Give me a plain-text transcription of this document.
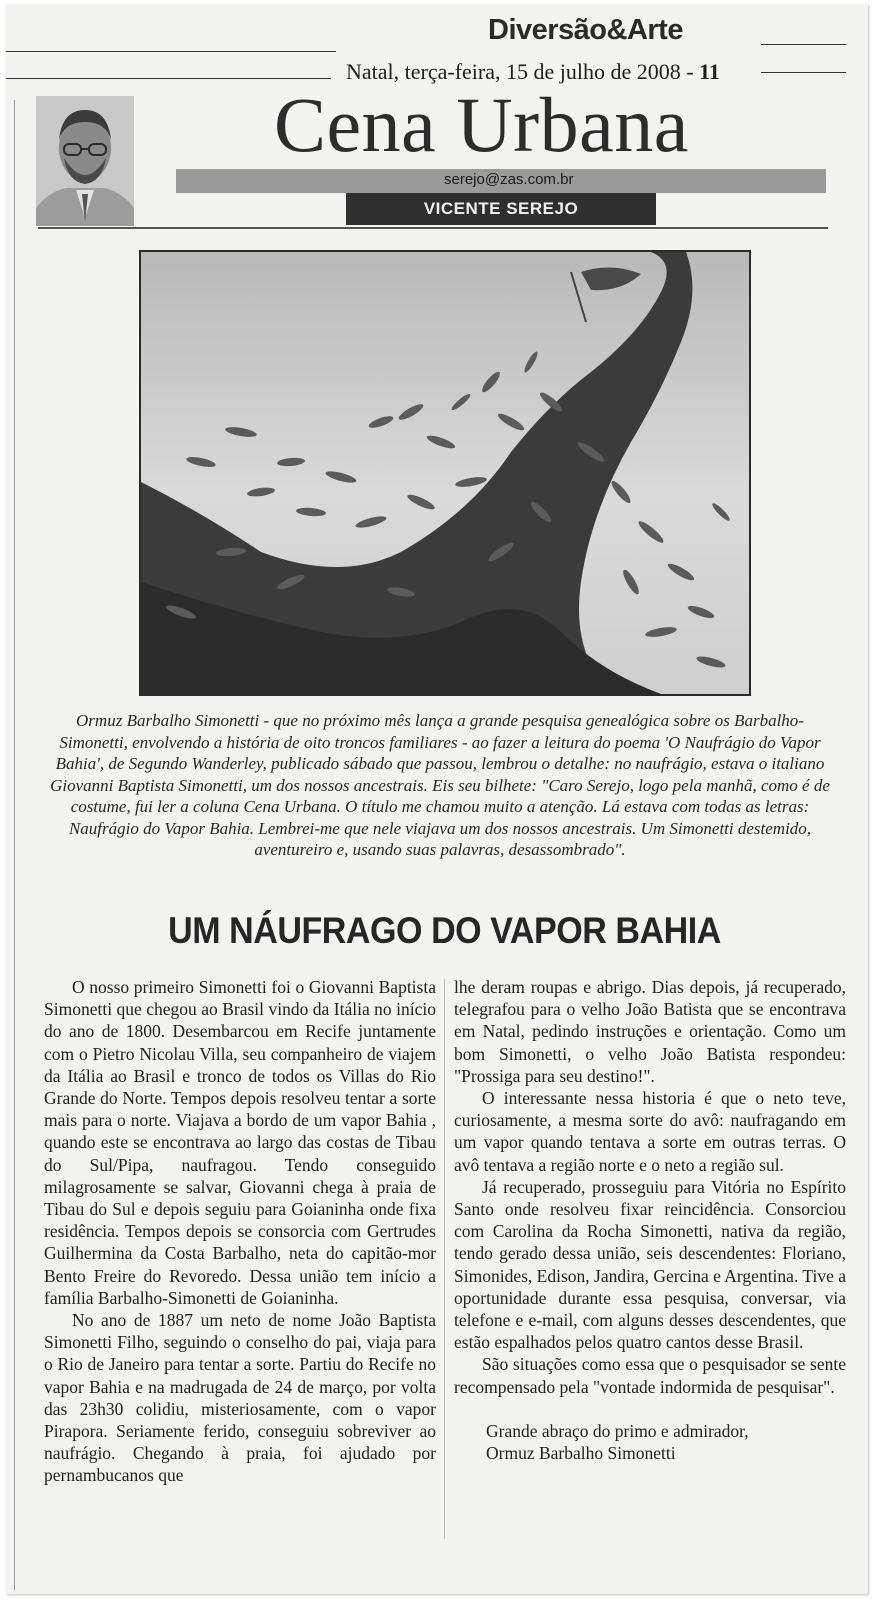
Diversão&Arte
Natal, terça-feira, 15 de julho de 2008 - 11
Cena Urbana
serejo@zas.com.br
VICENTE SEREJO
Ormuz Barbalho Simonetti - que no próximo mês lança a grande pesquisa genealógica sobre os Barbalho-Simonetti, envolvendo a história de oito troncos familiares - ao fazer a leitura do poema 'O Naufrágio do Vapor Bahia', de Segundo Wanderley, publicado sábado que passou, lembrou o detalhe: no naufrágio, estava o italiano Giovanni Baptista Simonetti, um dos nossos ancestrais. Eis seu bilhete: "Caro Serejo, logo pela manhã, como é de costume, fui ler a coluna Cena Urbana. O título me chamou muito a atenção. Lá estava com todas as letras: Naufrágio do Vapor Bahia. Lembrei-me que nele viajava um dos nossos ancestrais. Um Simonetti destemido, aventureiro e, usando suas palavras, desassombrado".
UM NÁUFRAGO DO VAPOR BAHIA

O nosso primeiro Simonetti foi o Giovanni Baptista Simonetti que chegou ao Brasil vindo da Itália no início do ano de 1800. Desembarcou em Recife juntamente com o Pietro Nicolau Villa, seu companheiro de viajem da Itália ao Brasil e tronco de todos os Villas do Rio Grande do Norte. Tempos depois resolveu tentar a sorte mais para o norte. Viajava a bordo de um vapor Bahia , quando este se encontrava ao largo das costas de Tibau do Sul/Pipa, naufragou. Tendo conseguido milagrosamente se salvar, Giovanni chega à praia de Tibau do Sul e depois seguiu para Goianinha onde fixa residência. Tempos depois se consorcia com Gertrudes Guilhermina da Costa Barbalho, neta do capitão-mor Bento Freire do Revoredo. Dessa união tem início a família Barbalho-Simonetti de Goianinha.

No ano de 1887 um neto de nome João Baptista Simonetti Filho, seguindo o conselho do pai, viaja para o Rio de Janeiro para tentar a sorte. Partiu do Recife no vapor Bahia e na madrugada de 24 de março, por volta das 23h30 colidiu, misteriosamente, com o vapor Pirapora. Seriamente ferido, conseguiu sobreviver ao naufrágio. Chegando à praia, foi ajudado por pernambucanos que

lhe deram roupas e abrigo. Dias depois, já recuperado, telegrafou para o velho João Batista que se encontrava em Natal, pedindo instruções e orientação. Como um bom Simonetti, o velho João Batista respondeu: "Prossiga para seu destino!".

O interessante nessa historia é que o neto teve, curiosamente, a mesma sorte do avô: naufragando em um vapor quando tentava a sorte em outras terras. O avô tentava a região norte e o neto a região sul.

Já recuperado, prosseguiu para Vitória no Espírito Santo onde resolveu fixar reincidência. Consorciou com Carolina da Rocha Simonetti, nativa da região, tendo gerado dessa união, seis descendentes: Floriano, Simonides, Edison, Jandira, Gercina e Argentina. Tive a oportunidade durante essa pesquisa, conversar, via telefone e e-mail, com alguns desses descendentes, que estão espalhados pelos quatro cantos desse Brasil.

São situações como essa que o pesquisador se sente recompensado pela "vontade indormida de pesquisar".

Grande abraço do primo e admirador,
Ormuz Barbalho Simonetti
